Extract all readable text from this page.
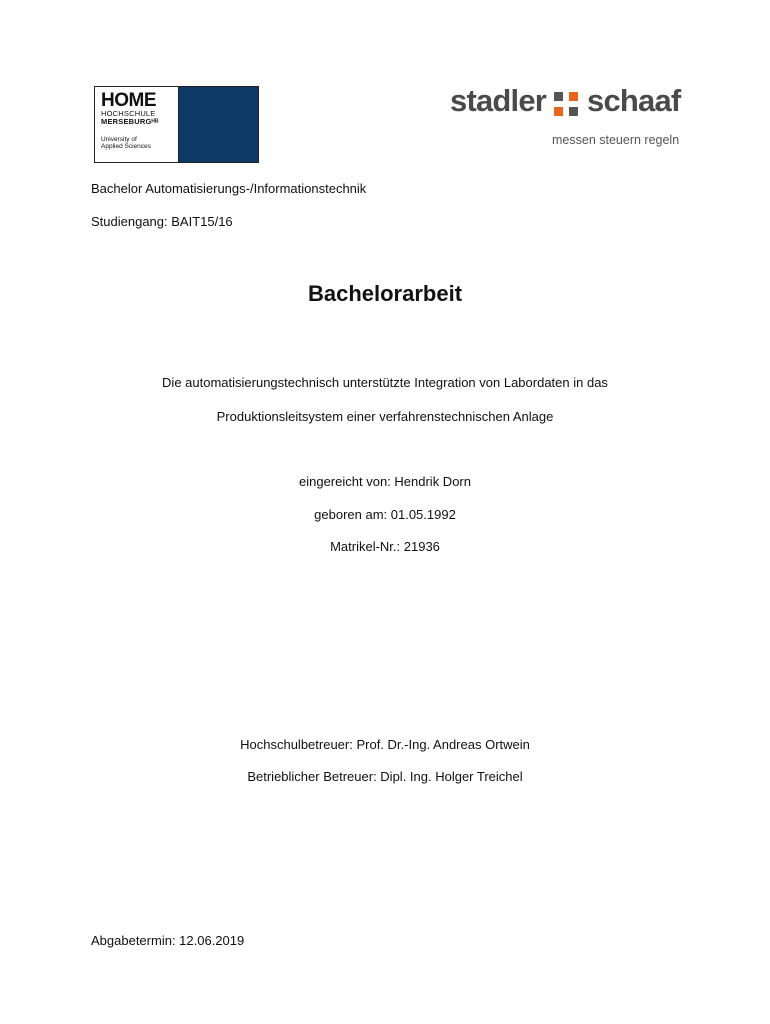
HOME
HOCHSCHULE
MERSEBURGᴴᴮ
University of
Applied Sciences
stadler schaaf
messen steuern regeln
Bachelor Automatisierungs-/Informationstechnik
Studiengang: BAIT15/16
Bachelorarbeit
Die automatisierungstechnisch unterstützte Integration von Labordaten in das
Produktionsleitsystem einer verfahrenstechnischen Anlage
eingereicht von: Hendrik Dorn
geboren am: 01.05.1992
Matrikel-Nr.: 21936
Hochschulbetreuer: Prof. Dr.-Ing. Andreas Ortwein
Betrieblicher Betreuer: Dipl. Ing. Holger Treichel
Abgabetermin: 12.06.2019
